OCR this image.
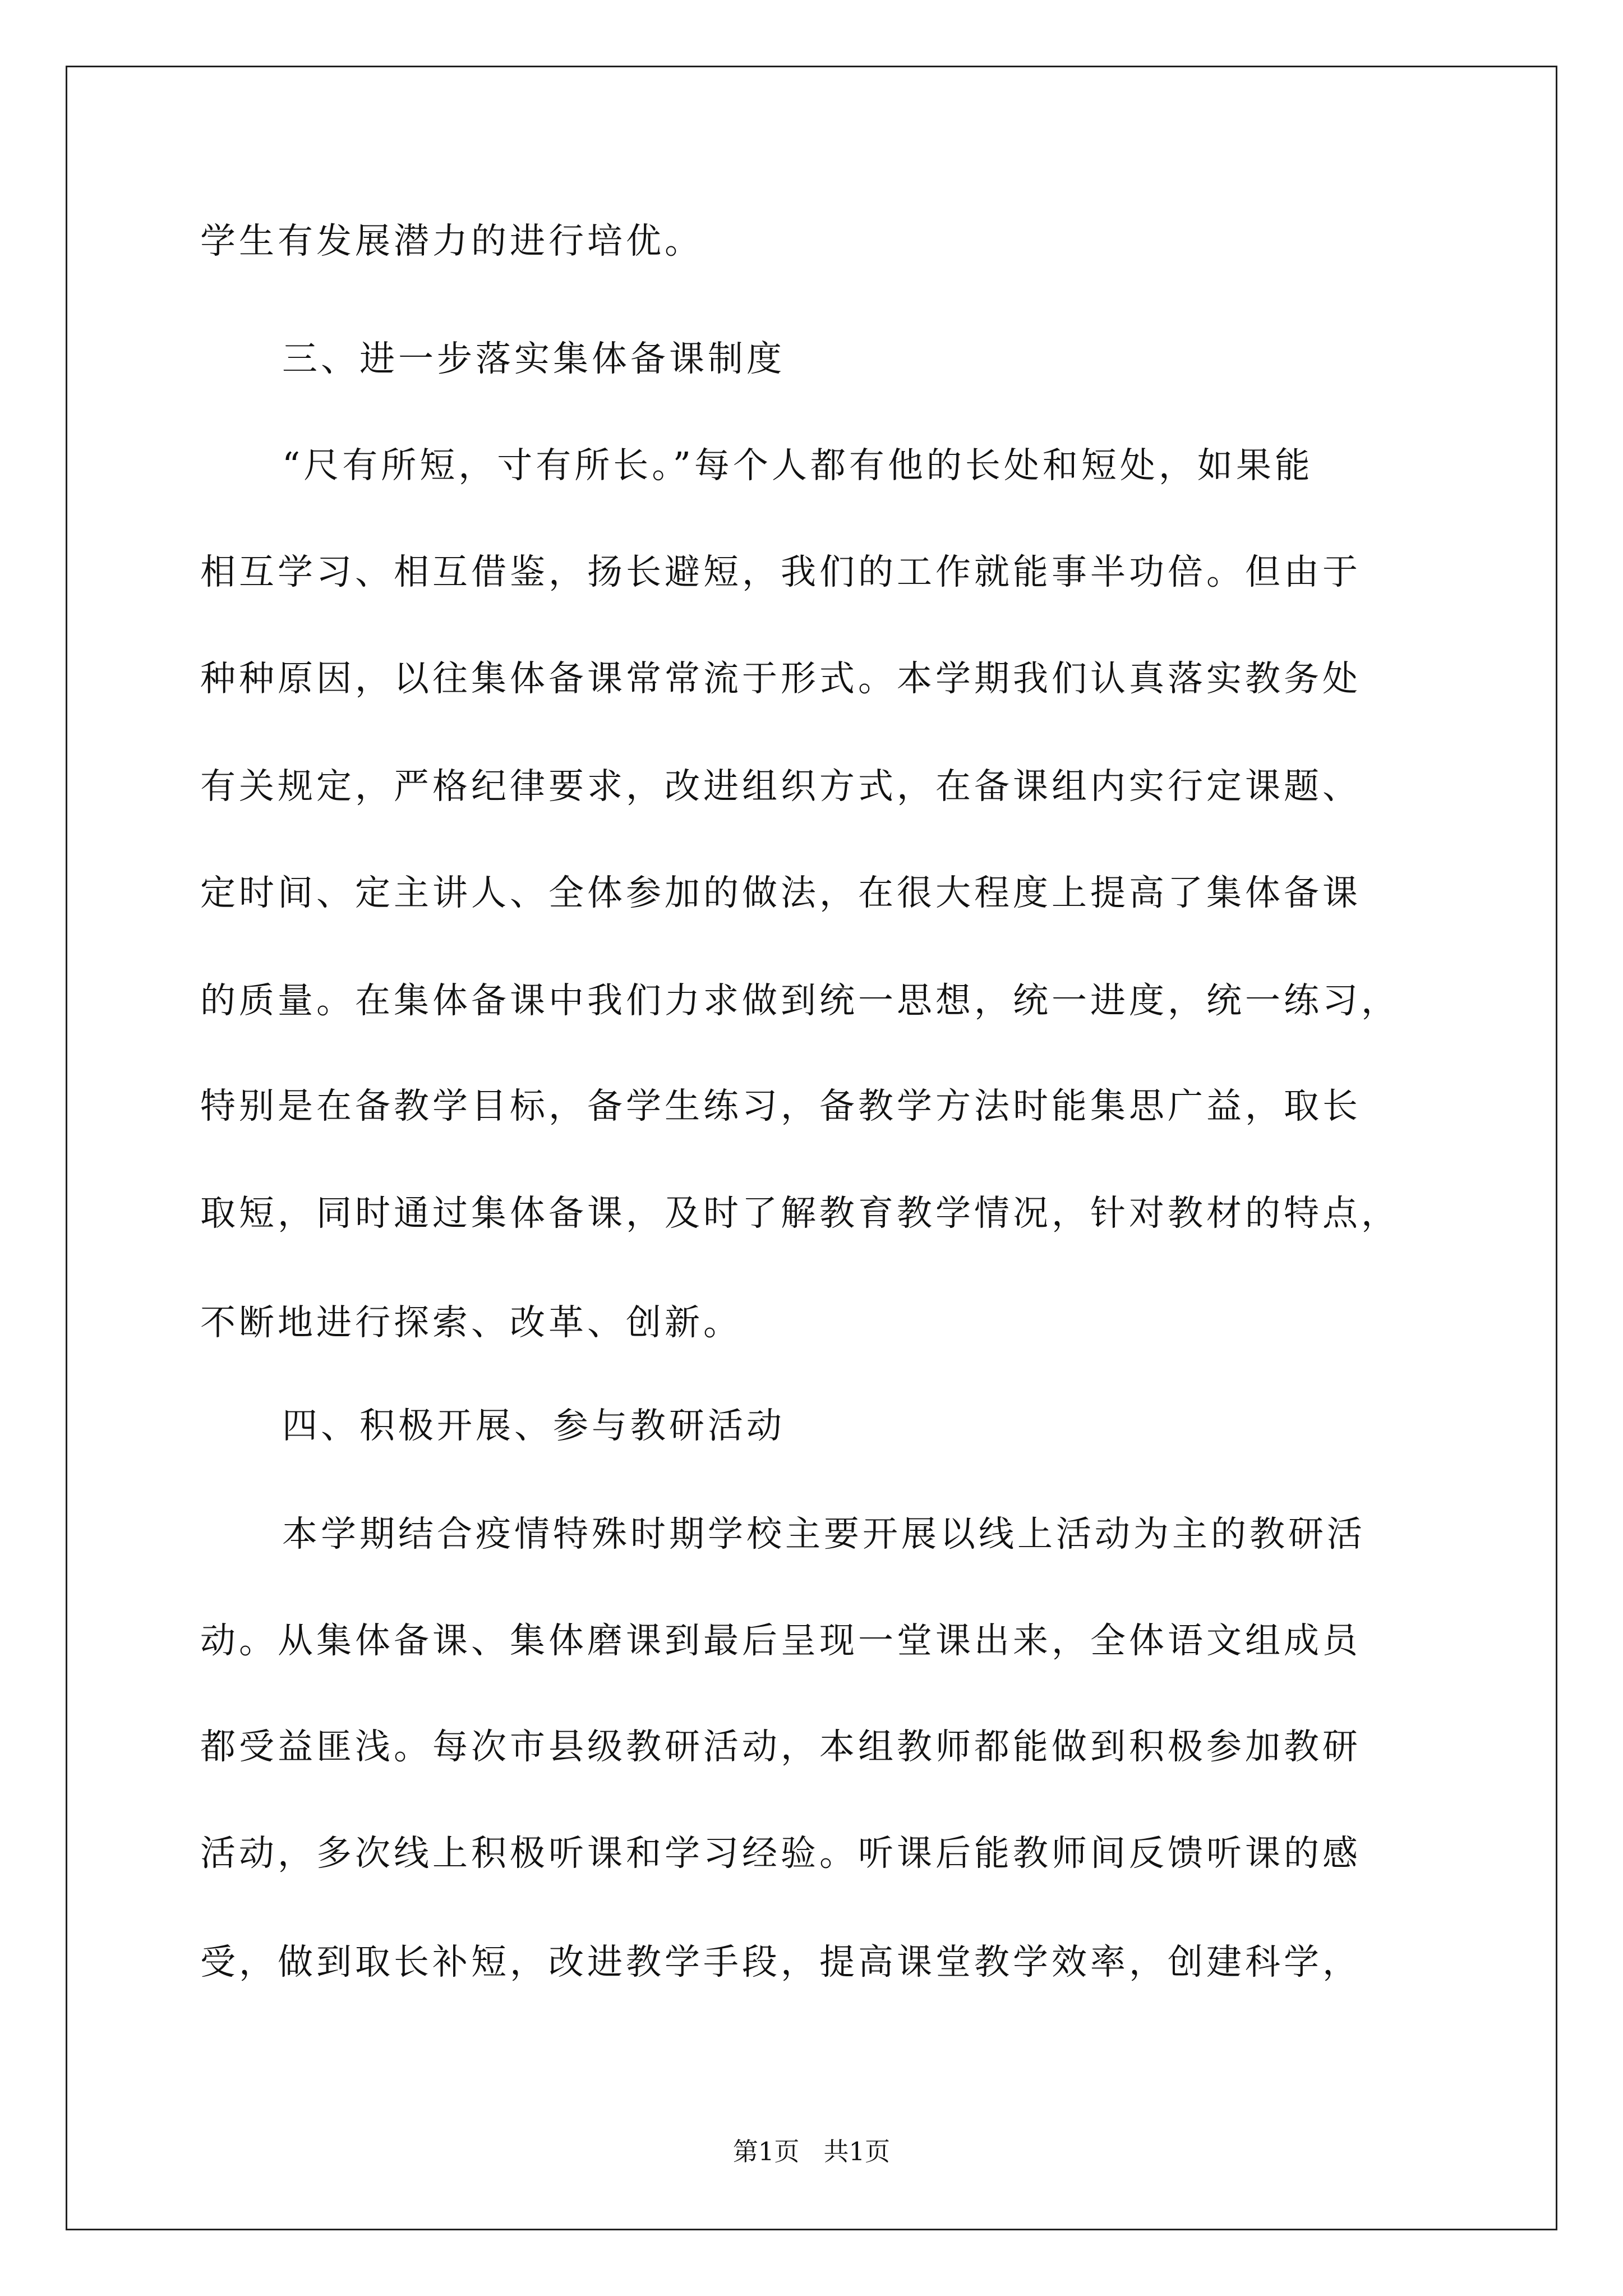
学生有发展潜力的进行培优。
三、进一步落实集体备课制度
“尺有所短，寸有所长。”每个人都有他的长处和短处，如果能
相互学习、相互借鉴，扬长避短，我们的工作就能事半功倍。但由于
种种原因，以往集体备课常常流于形式。本学期我们认真落实教务处
有关规定，严格纪律要求，改进组织方式，在备课组内实行定课题、
定时间、定主讲人、全体参加的做法，在很大程度上提高了集体备课
的质量。在集体备课中我们力求做到统一思想，统一进度，统一练习，
特别是在备教学目标，备学生练习，备教学方法时能集思广益，取长
取短，同时通过集体备课，及时了解教育教学情况，针对教材的特点，
不断地进行探索、改革、创新。
四、积极开展、参与教研活动
本学期结合疫情特殊时期学校主要开展以线上活动为主的教研活
动。从集体备课、集体磨课到最后呈现一堂课出来，全体语文组成员
都受益匪浅。每次市县级教研活动，本组教师都能做到积极参加教研
活动，多次线上积极听课和学习经验。听课后能教师间反馈听课的感
受，做到取长补短，改进教学手段，提高课堂教学效率，创建科学，
第1页   共1页
